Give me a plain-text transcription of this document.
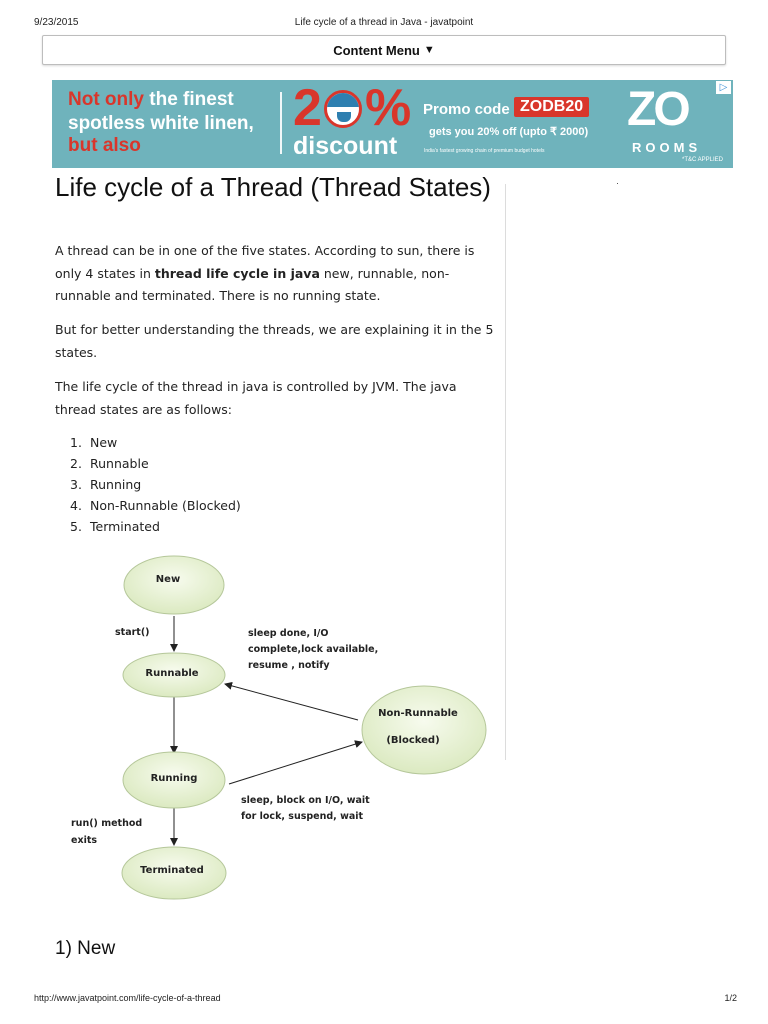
9/23/2015	Life cycle of a thread in Java - javatpoint
Content Menu ▼
Not only the finest
spotless white linen,
but also
2 %
discount
Promo code ZODB20
gets you 20% off (upto ₹ 2000)
India's fastest growing chain of premium budget hotels
ZO
ROOMS
*T&C APPLIED
▷
Life cycle of a Thread (Thread States)

A thread can be in one of the five states. According to sun, there is only 4 states in thread life cycle in java new, runnable, non-runnable and terminated. There is no running state.

But for better understanding the threads, we are explaining it in the 5 states.

The life cycle of the thread in java is controlled by JVM. The java thread states are as follows:

1. New
2. Runnable
3. Running
4. Non-Runnable (Blocked)
5. Terminated
New
Runnable
Running
Terminated
Non-Runnable
(Blocked)
start()	sleep done, I/O
complete,lock available,
resume , notify
sleep, block on I/O, wait
for lock, suspend, wait
run() method
exits
1) New
http://www.javatpoint.com/life-cycle-of-a-thread	1/2
